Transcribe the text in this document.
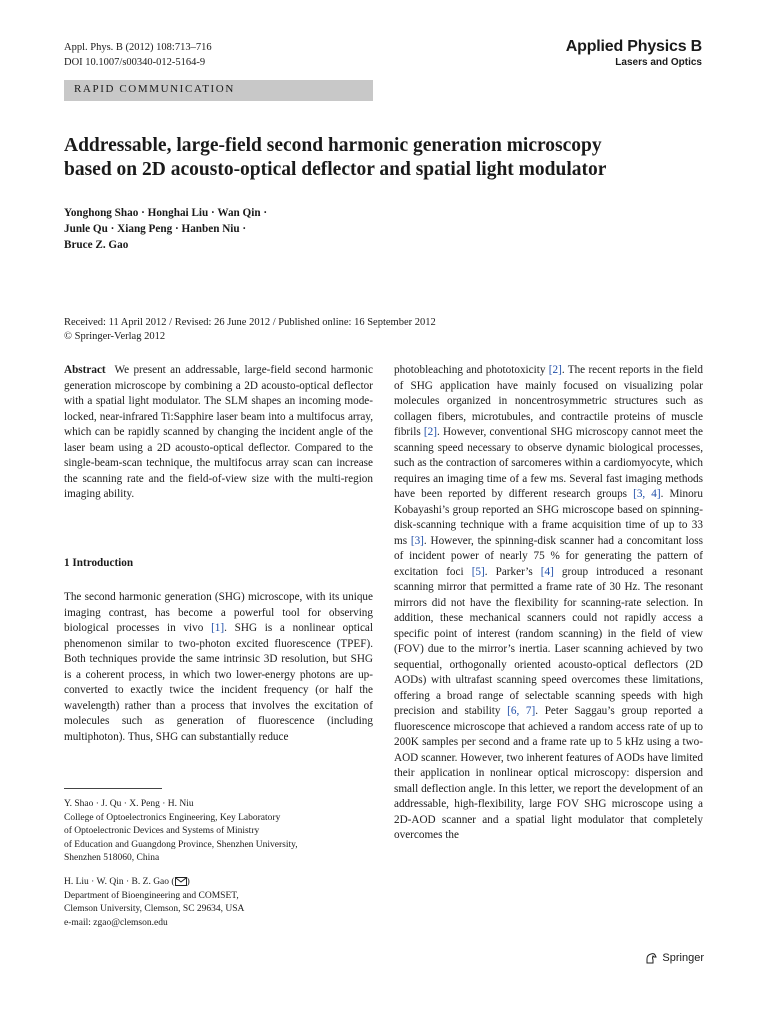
Appl. Phys. B (2012) 108:713–716
DOI 10.1007/s00340-012-5164-9
Applied Physics B
Lasers and Optics
RAPID COMMUNICATION
Addressable, large-field second harmonic generation microscopy
based on 2D acousto-optical deflector and spatial light modulator
Yonghong Shao · Honghai Liu · Wan Qin ·
Junle Qu · Xiang Peng · Hanben Niu ·
Bruce Z. Gao
Received: 11 April 2012 / Revised: 26 June 2012 / Published online: 16 September 2012
© Springer-Verlag 2012
Abstract We present an addressable, large-field second harmonic generation microscope by combining a 2D acousto-optical deflector with a spatial light modulator. The SLM shapes an incoming mode-locked, near-infrared Ti:Sapphire laser beam into a multifocus array, which can be rapidly scanned by changing the incident angle of the laser beam using a 2D acousto-optical deflector. Compared to the single-beam-scan technique, the multifocus array scan can increase the scanning rate and the field-of-view size with the multi-region imaging ability.
1 Introduction
The second harmonic generation (SHG) microscope, with its unique imaging contrast, has become a powerful tool for observing biological processes in vivo [1]. SHG is a nonlinear optical phenomenon similar to two-photon excited fluorescence (TPEF). Both techniques provide the same intrinsic 3D resolution, but SHG is a coherent process, in which two lower-energy photons are up-converted to exactly twice the incident frequency (or half the wavelength) rather than a process that involves the excitation of molecules such as generation of fluorescence (including multiphoton). Thus, SHG can substantially reduce
Y. Shao · J. Qu · X. Peng · H. Niu
College of Optoelectronics Engineering, Key Laboratory
of Optoelectronic Devices and Systems of Ministry
of Education and Guangdong Province, Shenzhen University,
Shenzhen 518060, China
H. Liu · W. Qin · B. Z. Gao ( )
Department of Bioengineering and COMSET,
Clemson University, Clemson, SC 29634, USA
e-mail: zgao@clemson.edu
photobleaching and phototoxicity [2]. The recent reports in the field of SHG application have mainly focused on visualizing polar molecules organized in noncentrosymmetric structures such as collagen fibers, microtubules, and contractile proteins of muscle fibrils [2]. However, conventional SHG microscopy cannot meet the scanning speed necessary to observe dynamic biological processes, such as the contraction of sarcomeres within a cardiomyocyte, which requires an imaging time of a few ms. Several fast imaging methods have been reported by different research groups [3, 4]. Minoru Kobayashi’s group reported an SHG microscope based on spinning-disk-scanning technique with a frame acquisition time of up to 33 ms [3]. However, the spinning-disk scanner had a concomitant loss of incident power of nearly 75 % for generating the pattern of excitation foci [5]. Parker’s [4] group introduced a resonant scanning mirror that permitted a frame rate of 30 Hz. The resonant mirrors did not have the flexibility for scanning-rate selection. In addition, these mechanical scanners could not rapidly access a specific point of interest (random scanning) in the field of view (FOV) due to the mirror’s inertia. Laser scanning achieved by two sequential, orthogonally oriented acousto-optical deflectors (2D AODs) with ultrafast scanning speed overcomes these limitations, offering a broad range of selectable scanning speeds with high precision and stability [6, 7]. Peter Saggau’s group reported a fluorescence microscope that achieved a random access rate of up to 200K samples per second and a frame rate up to 5 kHz using a two-AOD scanner. However, two inherent features of AODs have limited their application in nonlinear optical microscopy: dispersion and small deflection angle. In this letter, we report the development of an addressable, high-flexibility, large FOV SHG microscope using a 2D-AOD scanner and a spatial light modulator that completely overcomes the
Springer
